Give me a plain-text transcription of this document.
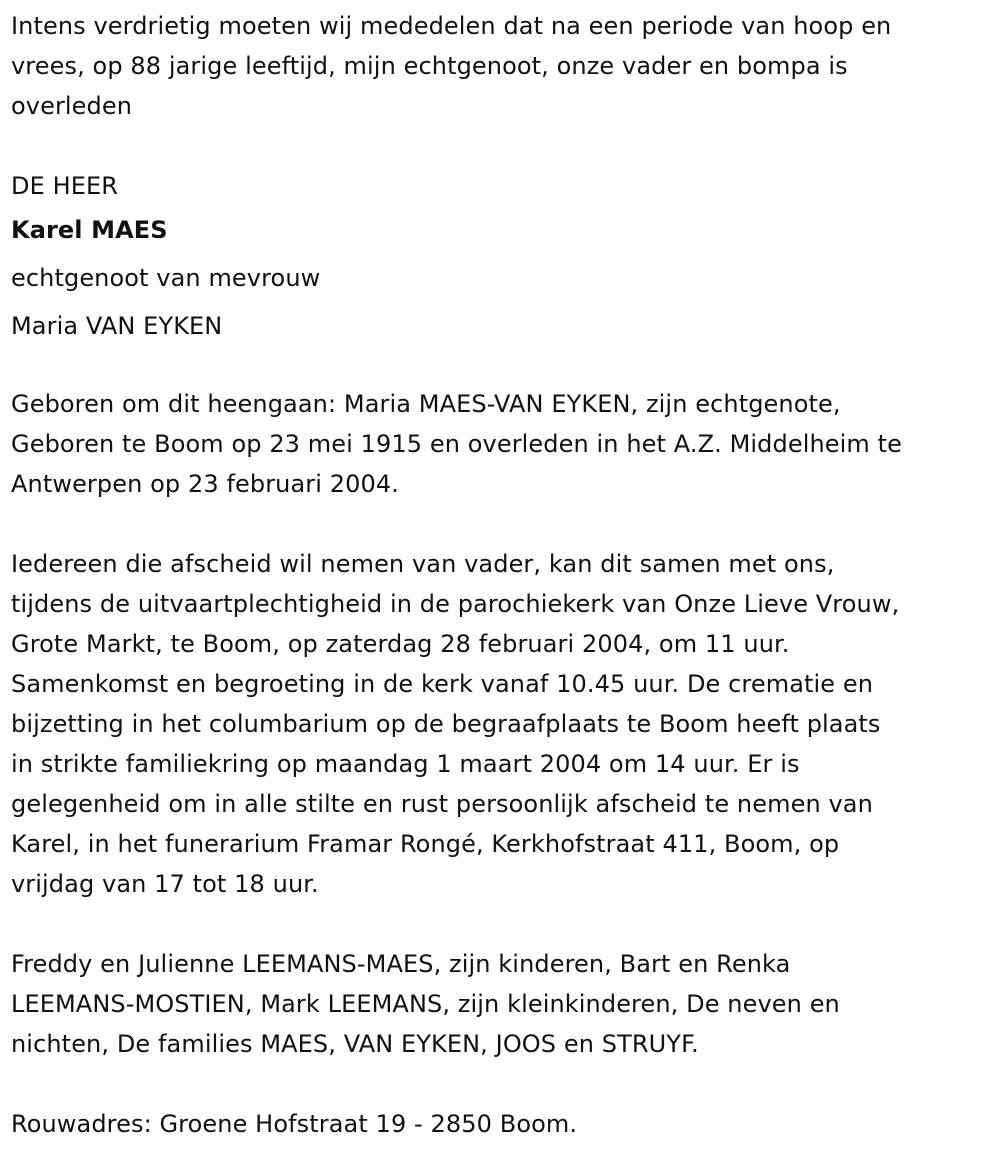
Intens verdrietig moeten wij mededelen dat na een periode van hoop en
vrees, op 88 jarige leeftijd, mijn echtgenoot, onze vader en bompa is
overleden

DE HEER
Karel MAES
echtgenoot van mevrouw
Maria VAN EYKEN

Geboren om dit heengaan: Maria MAES-VAN EYKEN, zijn echtgenote,
Geboren te Boom op 23 mei 1915 en overleden in het A.Z. Middelheim te
Antwerpen op 23 februari 2004.

Iedereen die afscheid wil nemen van vader, kan dit samen met ons,
tijdens de uitvaartplechtigheid in de parochiekerk van Onze Lieve Vrouw,
Grote Markt, te Boom, op zaterdag 28 februari 2004, om 11 uur.
Samenkomst en begroeting in de kerk vanaf 10.45 uur. De crematie en
bijzetting in het columbarium op de begraafplaats te Boom heeft plaats
in strikte familiekring op maandag 1 maart 2004 om 14 uur. Er is
gelegenheid om in alle stilte en rust persoonlijk afscheid te nemen van
Karel, in het funerarium Framar Rongé, Kerkhofstraat 411, Boom, op
vrijdag van 17 tot 18 uur.

Freddy en Julienne LEEMANS-MAES, zijn kinderen, Bart en Renka
LEEMANS-MOSTIEN, Mark LEEMANS, zijn kleinkinderen, De neven en
nichten, De families MAES, VAN EYKEN, JOOS en STRUYF.

Rouwadres: Groene Hofstraat 19 - 2850 Boom.
